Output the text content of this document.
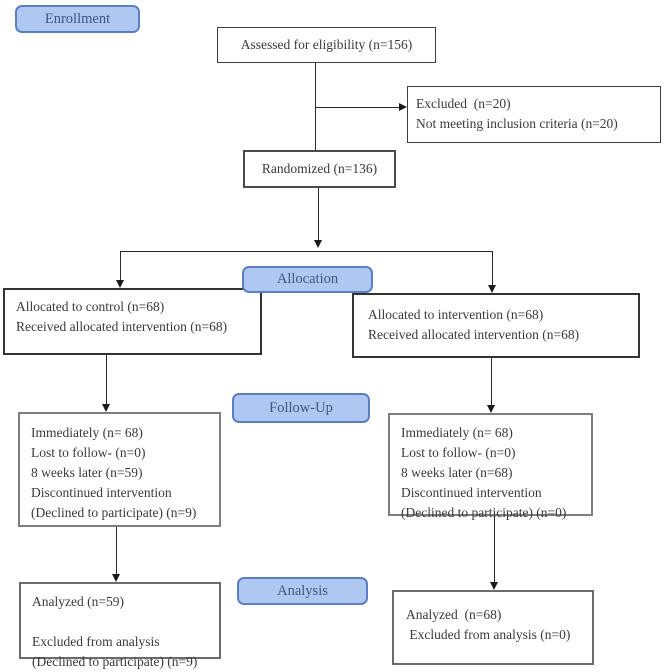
Enrollment
Allocation
Follow-Up
Analysis
Assessed for eligibility (n=156)
Excluded  (n=20)
Not meeting inclusion criteria (n=20)
Randomized (n=136)
Allocated to control (n=68)
Received allocated intervention (n=68)
Allocated to intervention (n=68)
Received allocated intervention (n=68)
Immediately (n= 68)
Lost to follow- (n=0)
8 weeks later (n=59)
Discontinued intervention
(Declined to participate) (n=9)
Immediately (n= 68)
Lost to follow- (n=0)
8 weeks later (n=68)
Discontinued intervention
(Declined to participate) (n=0)
Analyzed (n=59)
Excluded from analysis
(Declined to participate) (n=9)
Analyzed  (n=68)
Excluded from analysis (n=0)
